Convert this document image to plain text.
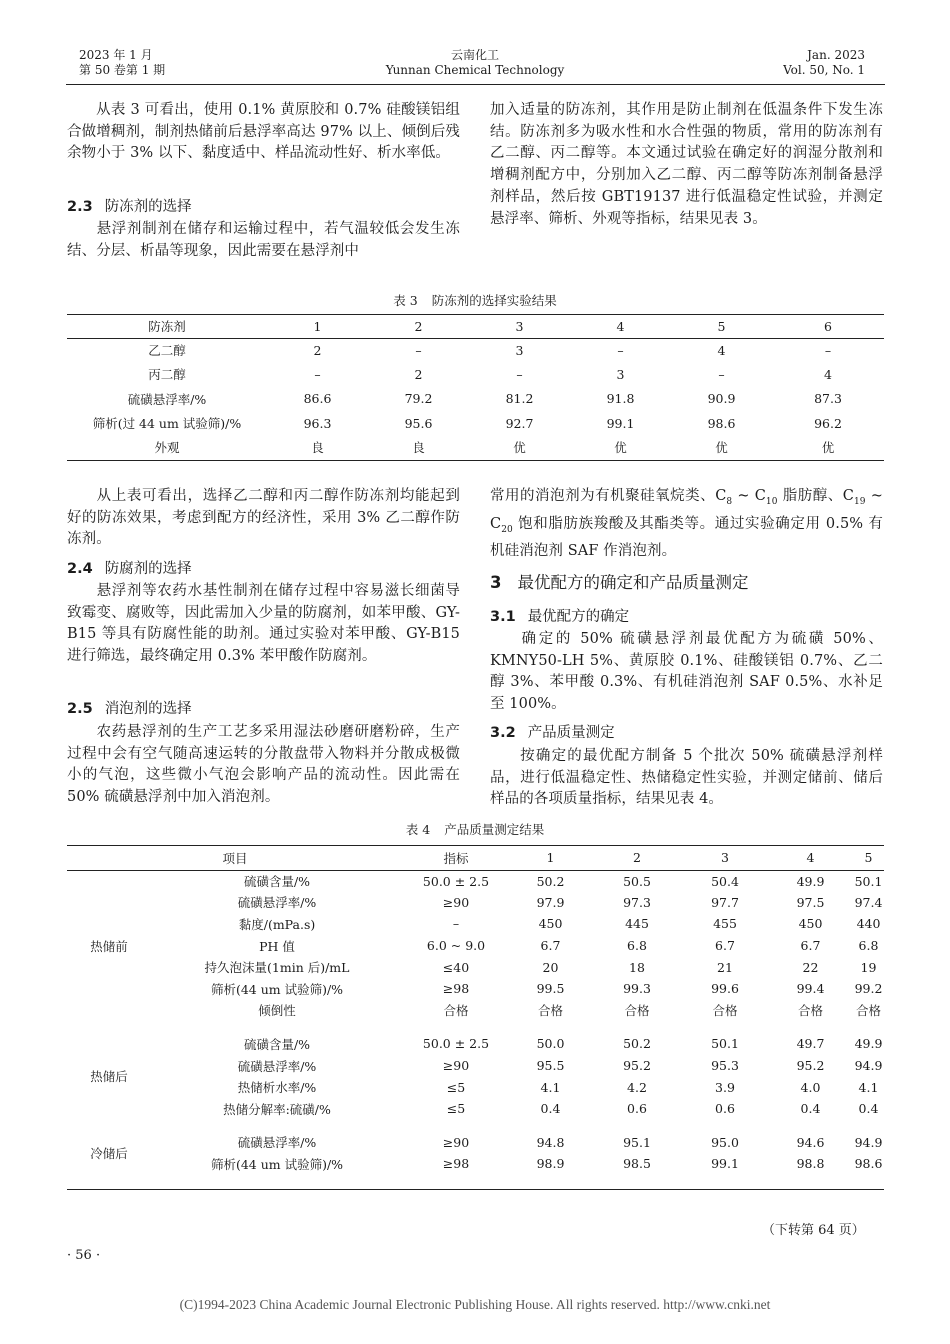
2023 年 1 月
第 50 卷第 1 期
云南化工
Yunnan Chemical Technology
Jan. 2023
Vol. 50, No. 1
从表 3 可看出，使用 0.1% 黄原胶和 0.7% 硅酸镁铝组合做增稠剂，制剂热储前后悬浮率高达 97% 以上、倾倒后残余物小于 3% 以下、黏度适中、样品流动性好、析水率低。
2.3 防冻剂的选择
悬浮剂制剂在储存和运输过程中，若气温较低会发生冻结、分层、析晶等现象，因此需要在悬浮剂中
加入适量的防冻剂，其作用是防止制剂在低温条件下发生冻结。防冻剂多为吸水性和水合性强的物质，常用的防冻剂有乙二醇、丙二醇等。本文通过试验在确定好的润湿分散剂和增稠剂配方中，分别加入乙二醇、丙二醇等防冻剂制备悬浮剂样品，然后按 GBT19137 进行低温稳定性试验，并测定悬浮率、筛析、外观等指标，结果见表 3。
表 3 防冻剂的选择实验结果
防冻剂	1	2	3	4	5	6
乙二醇	2	–	3	–	4	–
丙二醇	–	2	–	3	–	4
硫磺悬浮率/%	86.6	79.2	81.2	91.8	90.9	87.3
筛析(过 44 um 试验筛)/%	96.3	95.6	92.7	99.1	98.6	96.2
外观	良	良	优	优	优	优
从上表可看出，选择乙二醇和丙二醇作防冻剂均能起到好的防冻效果，考虑到配方的经济性，采用 3% 乙二醇作防冻剂。
2.4 防腐剂的选择
悬浮剂等农药水基性制剂在储存过程中容易滋长细菌导致霉变、腐败等，因此需加入少量的防腐剂，如苯甲酸、GY-B15 等具有防腐性能的助剂。通过实验对苯甲酸、GY-B15 进行筛选，最终确定用 0.3% 苯甲酸作防腐剂。
2.5 消泡剂的选择
农药悬浮剂的生产工艺多采用湿法砂磨研磨粉碎，生产过程中会有空气随高速运转的分散盘带入物料并分散成极微小的气泡，这些微小气泡会影响产品的流动性。因此需在 50% 硫磺悬浮剂中加入消泡剂。
常用的消泡剂为有机聚硅氧烷类、$C_8$ ~ $C_{10}$ 脂肪醇、$C_{19}$ ~ $C_{20}$ 饱和脂肪族羧酸及其酯类等。通过实验确定用 0.5% 有机硅消泡剂 SAF 作消泡剂。
3 最优配方的确定和产品质量测定
3.1 最优配方的确定
确定的 50% 硫磺悬浮剂最优配方为硫磺 50%、KMNY50-LH 5%、黄原胶 0.1%、硅酸镁铝 0.7%、乙二醇 3%、苯甲酸 0.3%、有机硅消泡剂 SAF 0.5%、水补足至 100%。
3.2 产品质量测定
按确定的最优配方制备 5 个批次 50% 硫磺悬浮剂样品，进行低温稳定性、热储稳定性实验，并测定储前、储后样品的各项质量指标，结果见表 4。
表 4 产品质量测定结果
项目		指标	1	2	3	4	5
热储前	硫磺含量/%	50.0 ± 2.5	50.2	50.5	50.4	49.9	50.1
	硫磺悬浮率/%	≥90	97.9	97.3	97.7	97.5	97.4
	黏度/(mPa.s)	–	450	445	455	450	440
	PH 值	6.0 ~ 9.0	6.7	6.8	6.7	6.7	6.8
	持久泡沫量(1min 后)/mL	≤40	20	18	21	22	19
	筛析(44 um 试验筛)/%	≥98	99.5	99.3	99.6	99.4	99.2
	倾倒性	合格	合格	合格	合格	合格	合格

热储后	硫磺含量/%	50.0 ± 2.5	50.0	50.2	50.1	49.7	49.9
	硫磺悬浮率/%	≥90	95.5	95.2	95.3	95.2	94.9
	热储析水率/%	≤5	4.1	4.2	3.9	4.0	4.1
	热储分解率:硫磺/%	≤5	0.4	0.6	0.6	0.4	0.4

冷储后	硫磺悬浮率/%	≥90	94.8	95.1	95.0	94.6	94.9
	筛析(44 um 试验筛)/%	≥98	98.9	98.5	99.1	98.8	98.6
（下转第 64 页）
· 56 ·
(C)1994-2023 China Academic Journal Electronic Publishing House. All rights reserved. http://www.cnki.net
